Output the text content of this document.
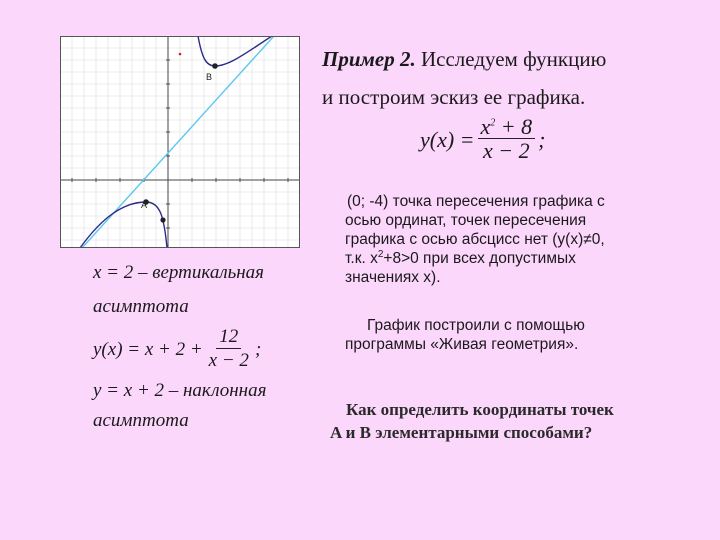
B
A
Пример 2. Исследуем функцию
и построим эскиз ее графика.
$y(x) = \frac{x^2 + 8}{x - 2}$ ;
(0; -4) точка пересечения графика с
осью ординат, точек пересечения
графика с осью абсцисс нет (y(x)≠0,
т.к. $x^2+8>0$ при всех допустимых
значениях x).
График построили с помощью
программы «Живая геометрия».
Как определить координаты точек
A и B элементарными способами?
x = 2 – вертикальная
асимптота
$y(x) = x + 2 + \frac{12}{x - 2}$ ;
y = x + 2 – наклонная
асимптота
